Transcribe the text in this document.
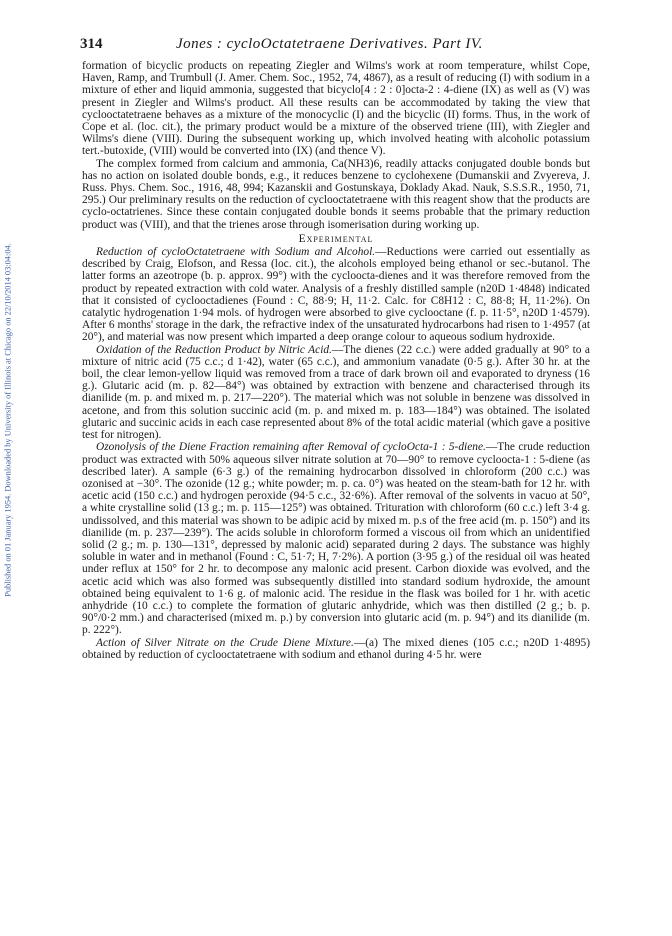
Published on 01 January 1954. Downloaded by University of Illinois at Chicago on 22/10/2014 03:04:04.
314	Jones : cycloOctatetraene Derivatives. Part IV.

formation of bicyclic products on repeating Ziegler and Wilms's work at room temperature, whilst Cope, Haven, Ramp, and Trumbull (J. Amer. Chem. Soc., 1952, 74, 4867), as a result of reducing (I) with sodium in a mixture of ether and liquid ammonia, suggested that bicyclo[4 : 2 : 0]octa-2 : 4-diene (IX) as well as (V) was present in Ziegler and Wilms's product. All these results can be accommodated by taking the view that cyclooctatetraene behaves as a mixture of the monocyclic (I) and the bicyclic (II) forms. Thus, in the work of Cope et al. (loc. cit.), the primary product would be a mixture of the observed triene (III), with Ziegler and Wilms's diene (VIII). During the subsequent working up, which involved heating with alcoholic potassium tert.-butoxide, (VIII) would be converted into (IX) (and thence V).

The complex formed from calcium and ammonia, Ca(NH3)6, readily attacks conjugated double bonds but has no action on isolated double bonds, e.g., it reduces benzene to cyclohexene (Dumanskii and Zvyereva, J. Russ. Phys. Chem. Soc., 1916, 48, 994; Kazanskii and Gostunskaya, Doklady Akad. Nauk, S.S.S.R., 1950, 71, 295.) Our preliminary results on the reduction of cyclooctatetraene with this reagent show that the products are cyclo-octatrienes. Since these contain conjugated double bonds it seems probable that the primary reduction product was (VIII), and that the trienes arose through isomerisation during working up.

Experimental

Reduction of cycloOctatetraene with Sodium and Alcohol.—Reductions were carried out essentially as described by Craig, Elofson, and Ressa (loc. cit.), the alcohols employed being ethanol or sec.-butanol. The latter forms an azeotrope (b. p. approx. 99°) with the cycloocta-dienes and it was therefore removed from the product by repeated extraction with cold water. Analysis of a freshly distilled sample (n20D 1·4848) indicated that it consisted of cyclooctadienes (Found : C, 88·9; H, 11·2. Calc. for C8H12 : C, 88·8; H, 11·2%). On catalytic hydrogenation 1·94 mols. of hydrogen were absorbed to give cyclooctane (f. p. 11·5°, n20D 1·4579). After 6 months' storage in the dark, the refractive index of the unsaturated hydrocarbons had risen to 1·4957 (at 20°), and material was now present which imparted a deep orange colour to aqueous sodium hydroxide.

Oxidation of the Reduction Product by Nitric Acid.—The dienes (22 c.c.) were added gradually at 90° to a mixture of nitric acid (75 c.c.; d 1·42), water (65 c.c.), and ammonium vanadate (0·5 g.). After 30 hr. at the boil, the clear lemon-yellow liquid was removed from a trace of dark brown oil and evaporated to dryness (16 g.). Glutaric acid (m. p. 82—84°) was obtained by extraction with benzene and characterised through its dianilide (m. p. and mixed m. p. 217—220°). The material which was not soluble in benzene was dissolved in acetone, and from this solution succinic acid (m. p. and mixed m. p. 183—184°) was obtained. The isolated glutaric and succinic acids in each case represented about 8% of the total acidic material (which gave a positive test for nitrogen).

Ozonolysis of the Diene Fraction remaining after Removal of cycloOcta-1 : 5-diene.—The crude reduction product was extracted with 50% aqueous silver nitrate solution at 70—90° to remove cycloocta-1 : 5-diene (as described later). A sample (6·3 g.) of the remaining hydrocarbon dissolved in chloroform (200 c.c.) was ozonised at −30°. The ozonide (12 g.; white powder; m. p. ca. 0°) was heated on the steam-bath for 12 hr. with acetic acid (150 c.c.) and hydrogen peroxide (94·5 c.c., 32·6%). After removal of the solvents in vacuo at 50°, a white crystalline solid (13 g.; m. p. 115—125°) was obtained. Trituration with chloroform (60 c.c.) left 3·4 g. undissolved, and this material was shown to be adipic acid by mixed m. p.s of the free acid (m. p. 150°) and its dianilide (m. p. 237—239°). The acids soluble in chloroform formed a viscous oil from which an unidentified solid (2 g.; m. p. 130—131°, depressed by malonic acid) separated during 2 days. The substance was highly soluble in water and in methanol (Found : C, 51·7; H, 7·2%). A portion (3·95 g.) of the residual oil was heated under reflux at 150° for 2 hr. to decompose any malonic acid present. Carbon dioxide was evolved, and the acetic acid which was also formed was subsequently distilled into standard sodium hydroxide, the amount obtained being equivalent to 1·6 g. of malonic acid. The residue in the flask was boiled for 1 hr. with acetic anhydride (10 c.c.) to complete the formation of glutaric anhydride, which was then distilled (2 g.; b. p. 90°/0·2 mm.) and characterised (mixed m. p.) by conversion into glutaric acid (m. p. 94°) and its dianilide (m. p. 222°).

Action of Silver Nitrate on the Crude Diene Mixture.—(a) The mixed dienes (105 c.c.; n20D 1·4895) obtained by reduction of cyclooctatetraene with sodium and ethanol during 4·5 hr. were
